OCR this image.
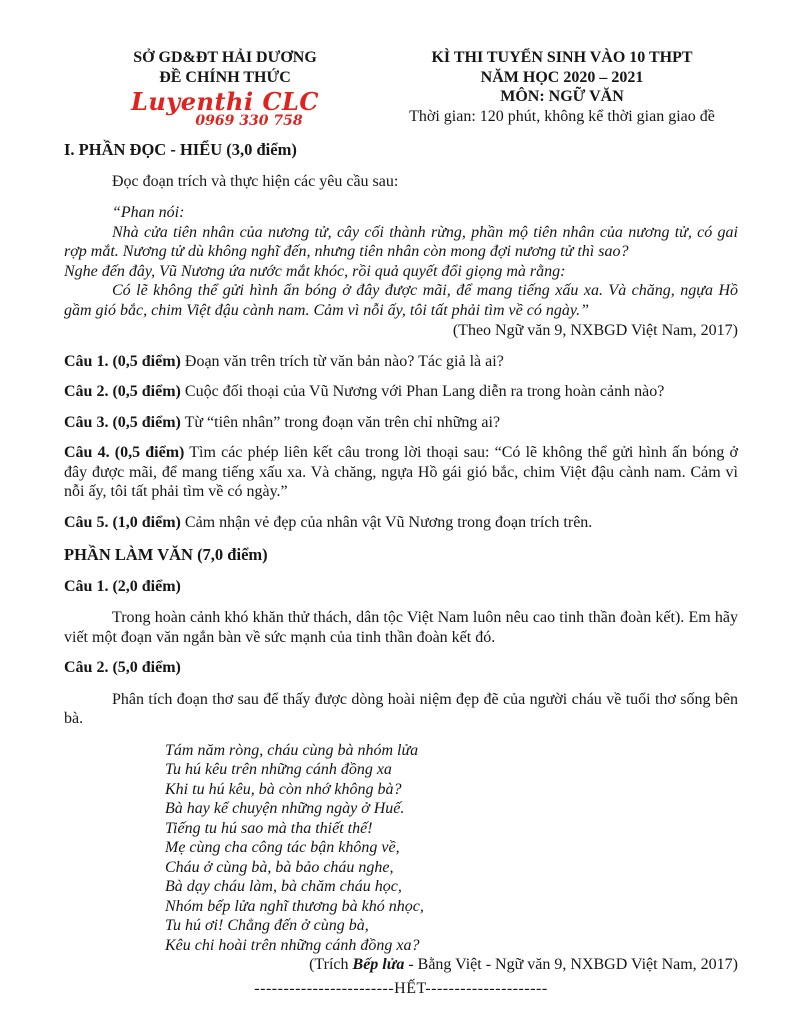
SỞ GD&ĐT HẢI DƯƠNG
ĐỀ CHÍNH THỨC
Luyenthi CLC
0969 330 758
KÌ THI TUYỂN SINH VÀO 10 THPT
NĂM HỌC 2020 – 2021
MÔN: NGỮ VĂN
Thời gian: 120 phút, không kể thời gian giao đề
I. PHẦN ĐỌC - HIỂU (3,0 điểm)
Đọc đoạn trích và thực hiện các yêu cầu sau:
“Phan nói:
Nhà cửa tiên nhân của nương tử, cây cối thành rừng, phần mộ tiên nhân của nương tử, có gai rợp mắt. Nương tử dù không nghĩ đến, nhưng tiên nhân còn mong đợi nương tử thì sao?
Nghe đến đây, Vũ Nương ứa nước mắt khóc, rồi quả quyết đổi giọng mà rằng:
Có lẽ không thể gửi hình ẩn bóng ở đây được mãi, để mang tiếng xấu xa. Và chăng, ngựa Hồ gầm gió bắc, chim Việt đậu cành nam. Cảm vì nỗi ấy, tôi tất phải tìm về có ngày.”
(Theo Ngữ văn 9, NXBGD Việt Nam, 2017)
Câu 1. (0,5 điểm) Đoạn văn trên trích từ văn bản nào? Tác giả là ai?
Câu 2. (0,5 điểm) Cuộc đối thoại của Vũ Nương với Phan Lang diễn ra trong hoàn cảnh nào?
Câu 3. (0,5 điểm) Từ “tiên nhân” trong đoạn văn trên chỉ những ai?
Câu 4. (0,5 điểm) Tìm các phép liên kết câu trong lời thoại sau: “Có lẽ không thể gửi hình ấn bóng ở đây được mãi, để mang tiếng xấu xa. Và chăng, ngựa Hồ gái gió bắc, chim Việt đậu cành nam. Cảm vì nỗi ấy, tôi tất phải tìm về có ngày.”
Câu 5. (1,0 điểm) Cảm nhận vẻ đẹp của nhân vật Vũ Nương trong đoạn trích trên.
PHẦN LÀM VĂN (7,0 điểm)
Câu 1. (2,0 điểm)
Trong hoàn cảnh khó khăn thử thách, dân tộc Việt Nam luôn nêu cao tinh thần đoàn kết). Em hãy viết một đoạn văn ngắn bàn về sức mạnh của tinh thần đoàn kết đó.
Câu 2. (5,0 điểm)
Phân tích đoạn thơ sau để thấy được dòng hoài niệm đẹp đẽ của người cháu về tuổi thơ sống bên bà.
Tám năm ròng, cháu cùng bà nhóm lửa
Tu hú kêu trên những cánh đồng xa
Khi tu hú kêu, bà còn nhớ không bà?
Bà hay kể chuyện những ngày ở Huế.
Tiếng tu hú sao mà tha thiết thế!
Mẹ cùng cha công tác bận không về,
Cháu ở cùng bà, bà bảo cháu nghe,
Bà dạy cháu làm, bà chăm cháu học,
Nhóm bếp lửa nghĩ thương bà khó nhọc,
Tu hú ơi! Chẳng đến ở cùng bà,
Kêu chi hoài trên những cánh đồng xa?
(Trích Bếp lửa - Bằng Việt - Ngữ văn 9, NXBGD Việt Nam, 2017)
------------------------HẾT---------------------
